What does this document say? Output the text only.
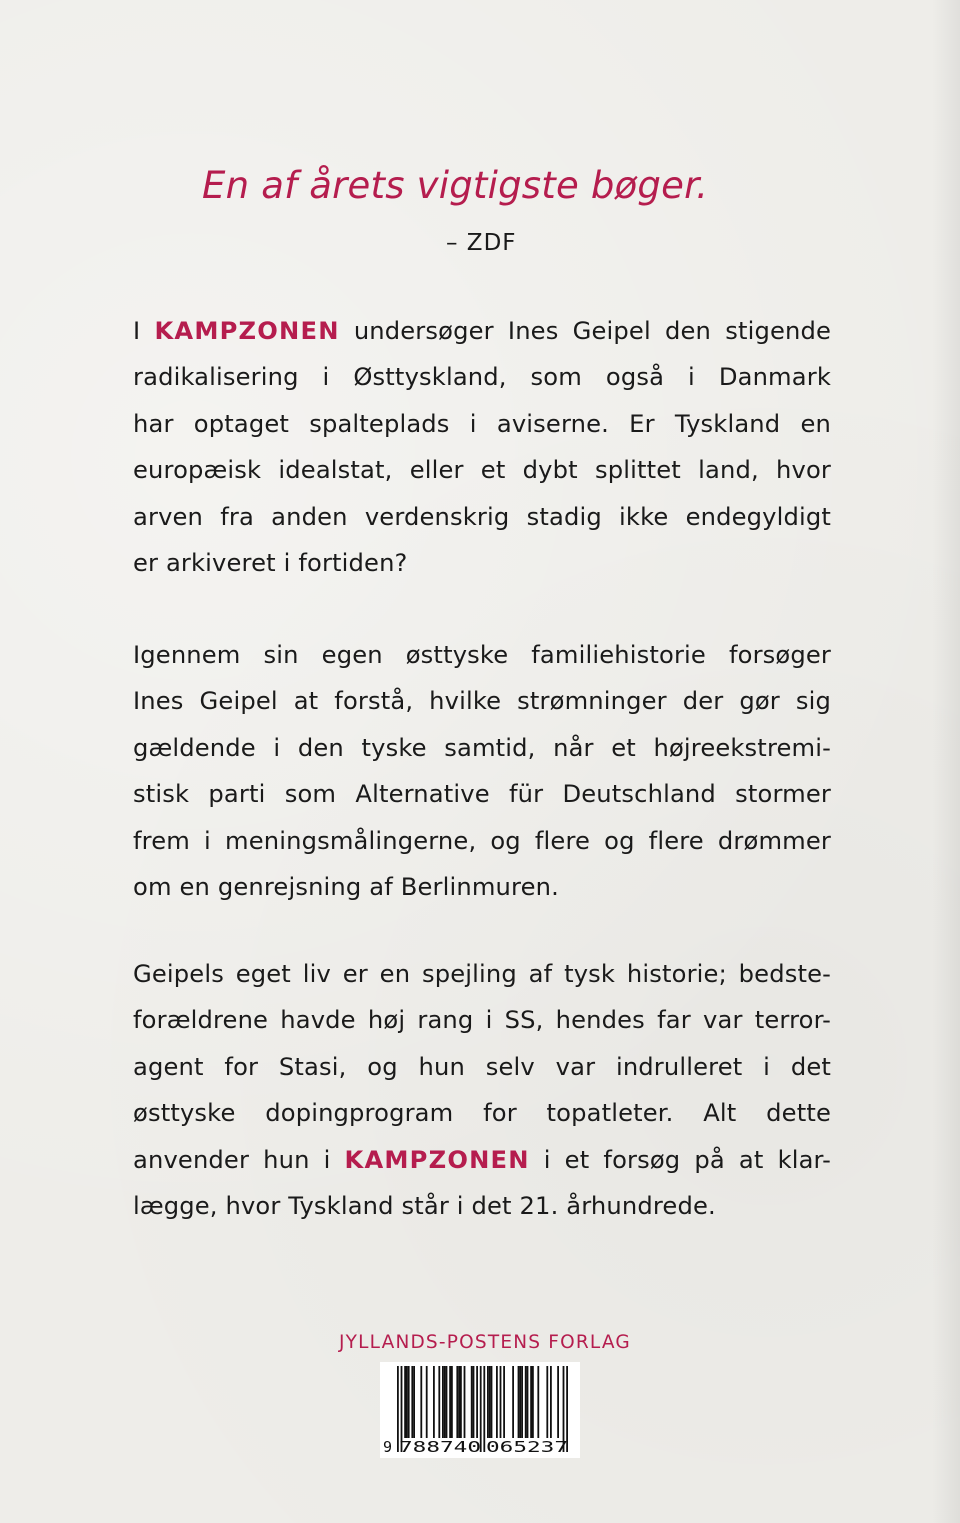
En af årets vigtigste bøger.
– ZDF
I KAMPZONEN undersøger Ines Geipel den stigende
radikalisering i Østtyskland, som også i Danmark
har optaget spalteplads i aviserne. Er Tyskland en
europæisk idealstat, eller et dybt splittet land, hvor
arven fra anden verdenskrig stadig ikke endegyldigt
er arkiveret i fortiden?
Igennem sin egen østtyske familiehistorie forsøger
Ines Geipel at forstå, hvilke strømninger der gør sig
gældende i den tyske samtid, når et højreekstremi-
stisk parti som Alternative für Deutschland stormer
frem i meningsmålingerne, og flere og flere drømmer
om en genrejsning af Berlinmuren.
Geipels eget liv er en spejling af tysk historie; bedste-
forældrene havde høj rang i SS, hendes far var terror-
agent for Stasi, og hun selv var indrulleret i det
østtyske dopingprogram for topatleter. Alt dette
anvender hun i KAMPZONEN i et forsøg på at klar-
lægge, hvor Tyskland står i det 21. århundrede.
JYLLANDS-POSTENS FORLAG
9 788740 065237
